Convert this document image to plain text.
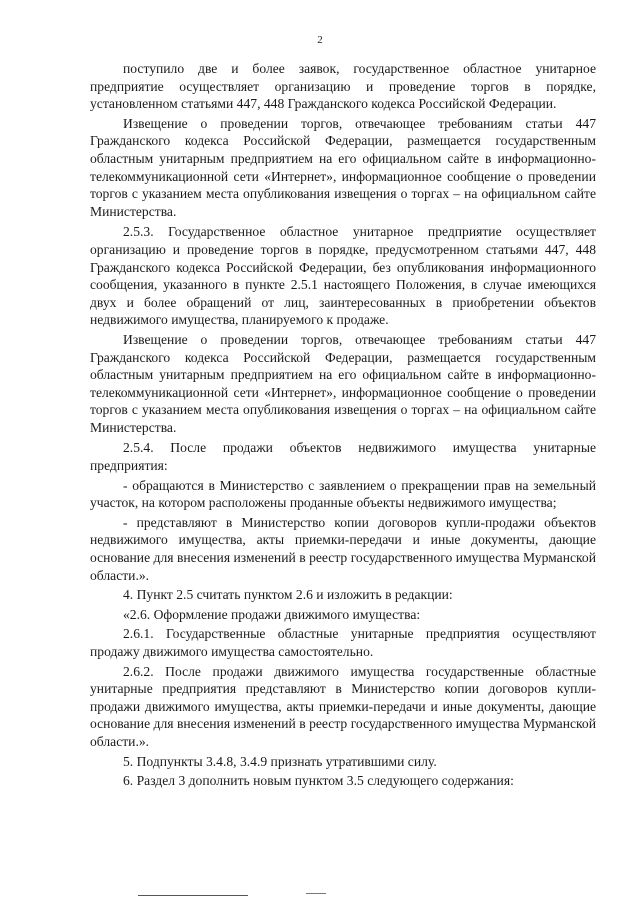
2

поступило две и более заявок, государственное областное унитарное предприятие осуществляет организацию и проведение торгов в порядке, установленном статьями 447, 448 Гражданского кодекса Российской Федерации.

Извещение о проведении торгов, отвечающее требованиям статьи 447 Гражданского кодекса Российской Федерации, размещается государственным областным унитарным предприятием на его официальном сайте в информационно-телекоммуникационной сети «Интернет», информационное сообщение о проведении торгов с указанием места опубликования извещения о торгах – на официальном сайте Министерства.

2.5.3. Государственное областное унитарное предприятие осуществляет организацию и проведение торгов в порядке, предусмотренном статьями 447, 448 Гражданского кодекса Российской Федерации, без опубликования информационного сообщения, указанного в пункте 2.5.1 настоящего Положения, в случае имеющихся двух и более обращений от лиц, заинтересованных в приобретении объектов недвижимого имущества, планируемого к продаже.

Извещение о проведении торгов, отвечающее требованиям статьи 447 Гражданского кодекса Российской Федерации, размещается государственным областным унитарным предприятием на его официальном сайте в информационно-телекоммуникационной сети «Интернет», информационное сообщение о проведении торгов с указанием места опубликования извещения о торгах – на официальном сайте Министерства.

2.5.4. После продажи объектов недвижимого имущества унитарные предприятия:

- обращаются в Министерство с заявлением о прекращении прав на земельный участок, на котором расположены проданные объекты недвижимого имущества;

- представляют в Министерство копии договоров купли-продажи объектов недвижимого имущества, акты приемки-передачи и иные документы, дающие основание для внесения изменений в реестр государственного имущества Мурманской области.».

4. Пункт 2.5 считать пунктом 2.6 и изложить в редакции:

«2.6. Оформление продажи движимого имущества:

2.6.1. Государственные областные унитарные предприятия осуществляют продажу движимого имущества самостоятельно.

2.6.2. После продажи движимого имущества государственные областные унитарные предприятия представляют в Министерство копии договоров купли-продажи движимого имущества, акты приемки-передачи и иные документы, дающие основание для внесения изменений в реестр государственного имущества Мурманской области.».

5. Подпункты 3.4.8, 3.4.9 признать утратившими силу.

6. Раздел 3 дополнить новым пунктом 3.5 следующего содержания:
